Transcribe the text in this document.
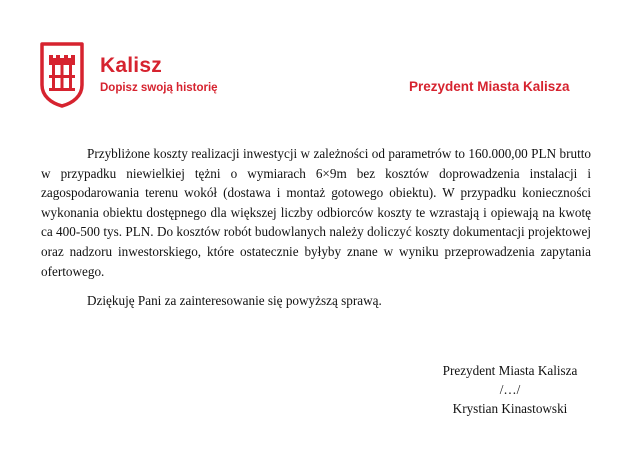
Kalisz
Dopisz swoją historię	Prezydent Miasta Kalisza

Przybliżone koszty realizacji inwestycji w zależności od parametrów to 160.000,00 PLN brutto w przypadku niewielkiej tężni o wymiarach 6×9m bez kosztów doprowadzenia instalacji i zagospodarowania terenu wokół (dostawa i montaż gotowego obiektu). W przypadku konieczności wykonania obiektu dostępnego dla większej liczby odbiorców koszty te wzrastają i opiewają na kwotę ca 400-500 tys. PLN. Do kosztów robót budowlanych należy doliczyć koszty dokumentacji projektowej oraz nadzoru inwestorskiego, które ostatecznie byłyby znane w wyniku przeprowadzenia zapytania ofertowego.

Dziękuję Pani za zainteresowanie się powyższą sprawą.

Prezydent Miasta Kalisza
/…/
Krystian Kinastowski
